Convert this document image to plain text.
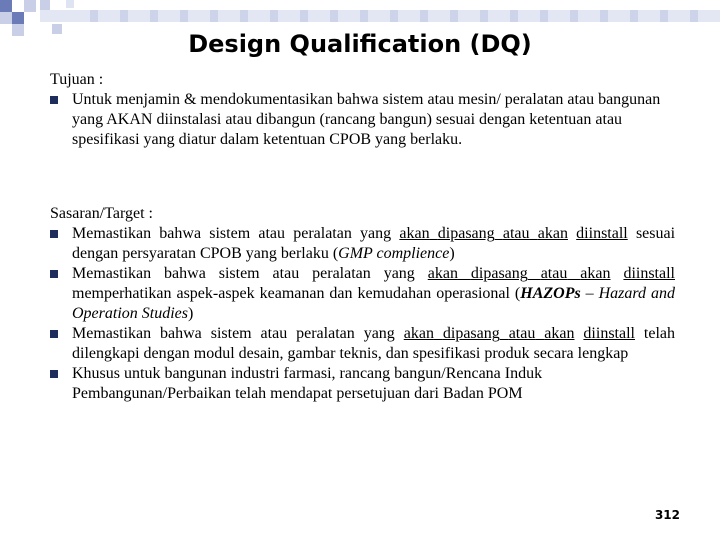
Design Qualification (DQ)

Tujuan :

Untuk menjamin & mendokumentasikan bahwa sistem atau mesin/ peralatan atau bangunan yang AKAN diinstalasi atau dibangun (rancang bangun) sesuai dengan ketentuan atau spesifikasi yang diatur dalam ketentuan CPOB yang berlaku.

Sasaran/Target :

Memastikan bahwa sistem atau peralatan yang akan dipasang atau akan diinstall sesuai dengan persyaratan CPOB yang berlaku (GMP complience)
Memastikan bahwa sistem atau peralatan yang akan dipasang atau akan diinstall memperhatikan aspek-aspek keamanan dan kemudahan operasional (HAZOPs – Hazard and Operation Studies)
Memastikan bahwa sistem atau peralatan yang akan dipasang atau akan diinstall telah dilengkapi dengan modul desain, gambar teknis, dan spesifikasi produk secara lengkap
Khusus untuk bangunan industri farmasi, rancang bangun/Rencana Induk Pembangunan/Perbaikan telah mendapat persetujuan dari Badan POM
312
